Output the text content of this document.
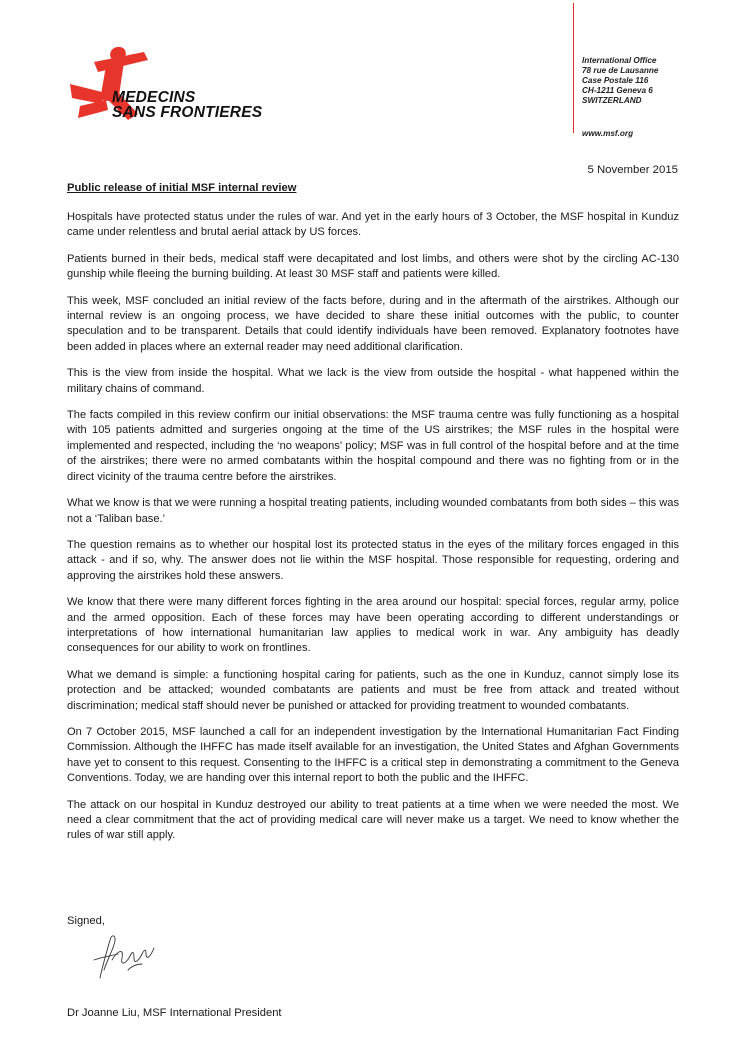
MEDECINS
SANS FRONTIERES
International Office
78 rue de Lausanne
Case Postale 116
CH-1211 Geneva 6
SWITZERLAND
www.msf.org
5 November 2015
Public release of initial MSF internal review

Hospitals have protected status under the rules of war. And yet in the early hours of 3 October, the MSF hospital in Kunduz came under relentless and brutal aerial attack by US forces.

Patients burned in their beds, medical staff were decapitated and lost limbs, and others were shot by the circling AC-130 gunship while fleeing the burning building. At least 30 MSF staff and patients were killed.

This week, MSF concluded an initial review of the facts before, during and in the aftermath of the airstrikes. Although our internal review is an ongoing process, we have decided to share these initial outcomes with the public, to counter speculation and to be transparent. Details that could identify individuals have been removed. Explanatory footnotes have been added in places where an external reader may need additional clarification.

This is the view from inside the hospital. What we lack is the view from outside the hospital - what happened within the military chains of command.

The facts compiled in this review confirm our initial observations: the MSF trauma centre was fully functioning as a hospital with 105 patients admitted and surgeries ongoing at the time of the US airstrikes; the MSF rules in the hospital were implemented and respected, including the ‘no weapons’ policy; MSF was in full control of the hospital before and at the time of the airstrikes; there were no armed combatants within the hospital compound and there was no fighting from or in the direct vicinity of the trauma centre before the airstrikes.

What we know is that we were running a hospital treating patients, including wounded combatants from both sides – this was not a ‘Taliban base.’

The question remains as to whether our hospital lost its protected status in the eyes of the military forces engaged in this attack - and if so, why. The answer does not lie within the MSF hospital. Those responsible for requesting, ordering and approving the airstrikes hold these answers.

We know that there were many different forces fighting in the area around our hospital: special forces, regular army, police and the armed opposition. Each of these forces may have been operating according to different understandings or interpretations of how international humanitarian law applies to medical work in war. Any ambiguity has deadly consequences for our ability to work on frontlines.

What we demand is simple: a functioning hospital caring for patients, such as the one in Kunduz, cannot simply lose its protection and be attacked; wounded combatants are patients and must be free from attack and treated without discrimination; medical staff should never be punished or attacked for providing treatment to wounded combatants.

On 7 October 2015, MSF launched a call for an independent investigation by the International Humanitarian Fact Finding Commission. Although the IHFFC has made itself available for an investigation, the United States and Afghan Governments have yet to consent to this request. Consenting to the IHFFC is a critical step in demonstrating a commitment to the Geneva Conventions. Today, we are handing over this internal report to both the public and the IHFFC.

The attack on our hospital in Kunduz destroyed our ability to treat patients at a time when we were needed the most. We need a clear commitment that the act of providing medical care will never make us a target. We need to know whether the rules of war still apply.

Signed,
Dr Joanne Liu, MSF International President
